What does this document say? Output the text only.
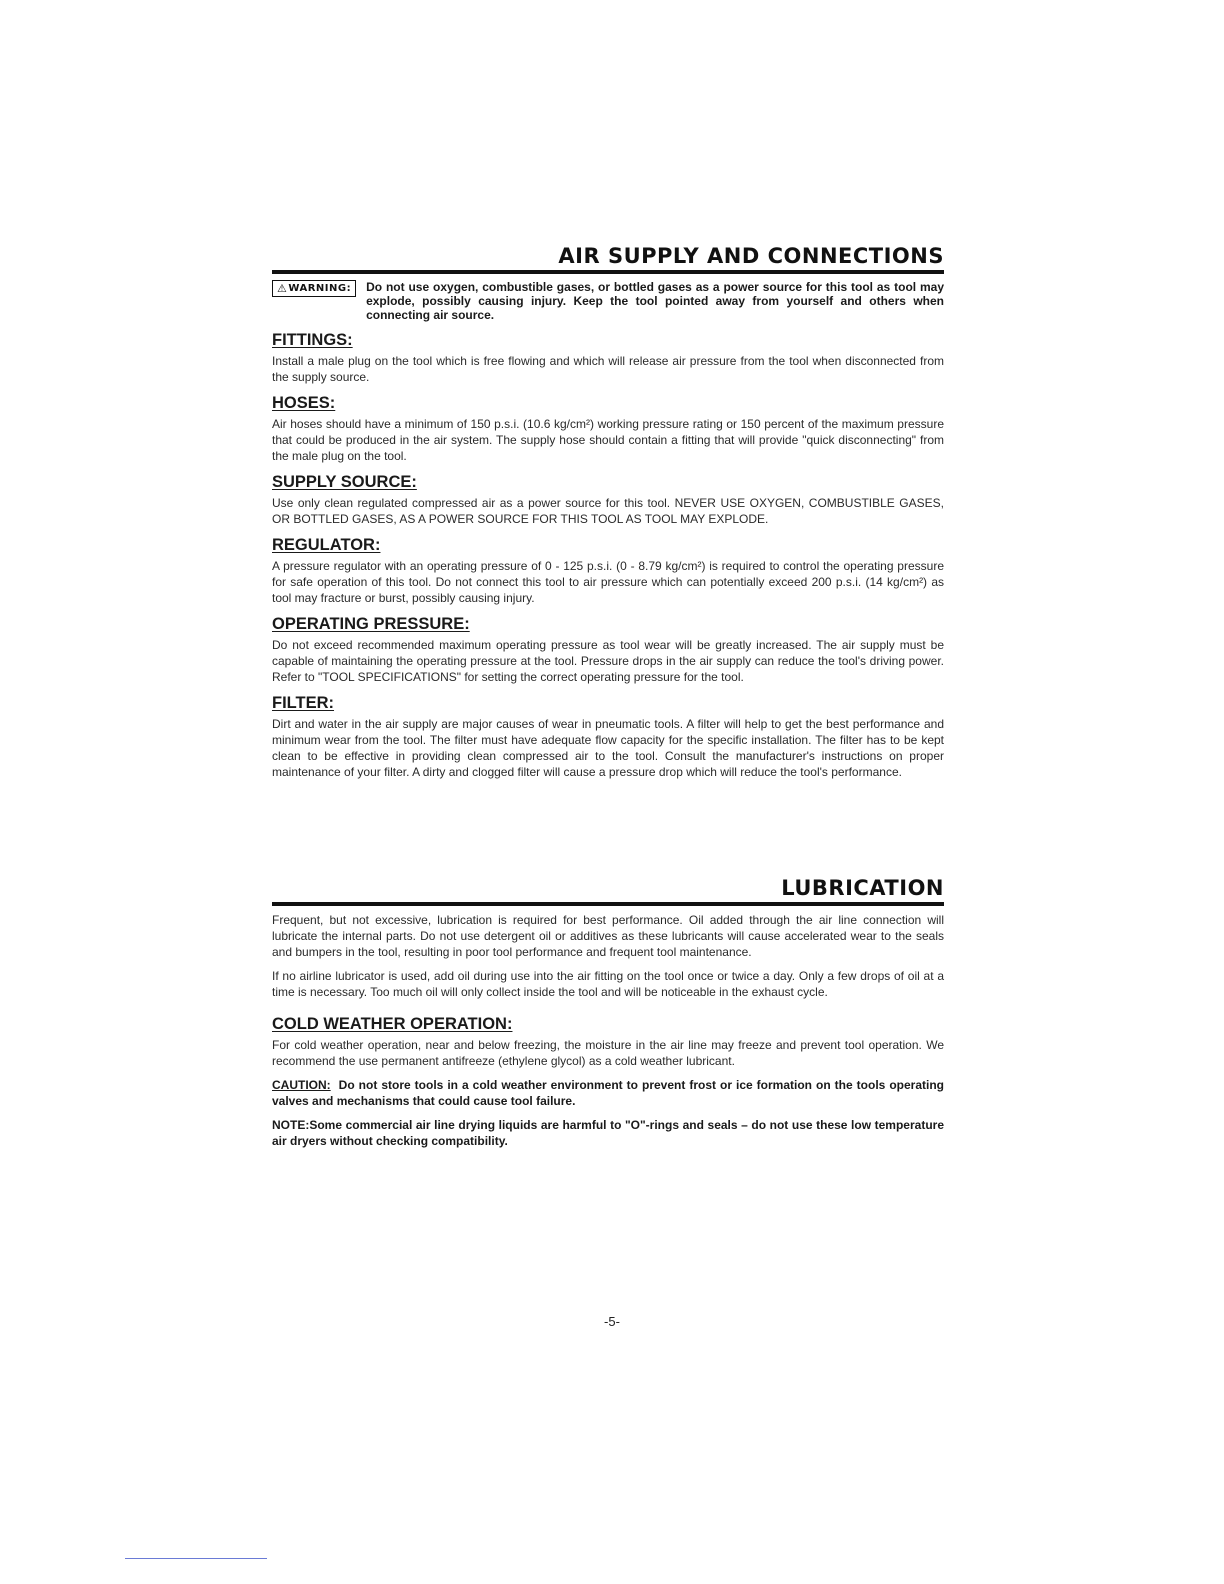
AIR SUPPLY AND CONNECTIONS
⚠ WARNING: Do not use oxygen, combustible gases, or bottled gases as a power source for this tool as tool may explode, possibly causing injury. Keep the tool pointed away from yourself and others when connecting air source.
FITTINGS:

Install a male plug on the tool which is free flowing and which will release air pressure from the tool when disconnected from the supply source.

HOSES:

Air hoses should have a minimum of 150 p.s.i. (10.6 kg/cm²) working pressure rating or 150 percent of the maximum pressure that could be produced in the air system. The supply hose should contain a fitting that will provide "quick disconnecting" from the male plug on the tool.

SUPPLY SOURCE:

Use only clean regulated compressed air as a power source for this tool. NEVER USE OXYGEN, COMBUSTIBLE GASES, OR BOTTLED GASES, AS A POWER SOURCE FOR THIS TOOL AS TOOL MAY EXPLODE.

REGULATOR:

A pressure regulator with an operating pressure of 0 - 125 p.s.i. (0 - 8.79 kg/cm²) is required to control the operating pressure for safe operation of this tool. Do not connect this tool to air pressure which can potentially exceed 200 p.s.i. (14 kg/cm²) as tool may fracture or burst, possibly causing injury.

OPERATING PRESSURE:

Do not exceed recommended maximum operating pressure as tool wear will be greatly increased. The air supply must be capable of maintaining the operating pressure at the tool. Pressure drops in the air supply can reduce the tool's driving power. Refer to "TOOL SPECIFICATIONS" for setting the correct operating pressure for the tool.

FILTER:

Dirt and water in the air supply are major causes of wear in pneumatic tools. A filter will help to get the best performance and minimum wear from the tool. The filter must have adequate flow capacity for the specific installation. The filter has to be kept clean to be effective in providing clean compressed air to the tool. Consult the manufacturer's instructions on proper maintenance of your filter. A dirty and clogged filter will cause a pressure drop which will reduce the tool's performance.

LUBRICATION

Frequent, but not excessive, lubrication is required for best performance. Oil added through the air line connection will lubricate the internal parts. Do not use detergent oil or additives as these lubricants will cause accelerated wear to the seals and bumpers in the tool, resulting in poor tool performance and frequent tool maintenance.

If no airline lubricator is used, add oil during use into the air fitting on the tool once or twice a day. Only a few drops of oil at a time is necessary. Too much oil will only collect inside the tool and will be noticeable in the exhaust cycle.

COLD WEATHER OPERATION:

For cold weather operation, near and below freezing, the moisture in the air line may freeze and prevent tool operation. We recommend the use permanent antifreeze (ethylene glycol) as a cold weather lubricant.

CAUTION: Do not store tools in a cold weather environment to prevent frost or ice formation on the tools operating valves and mechanisms that could cause tool failure.

NOTE:Some commercial air line drying liquids are harmful to "O"-rings and seals – do not use these low temperature air dryers without checking compatibility.

-5-
